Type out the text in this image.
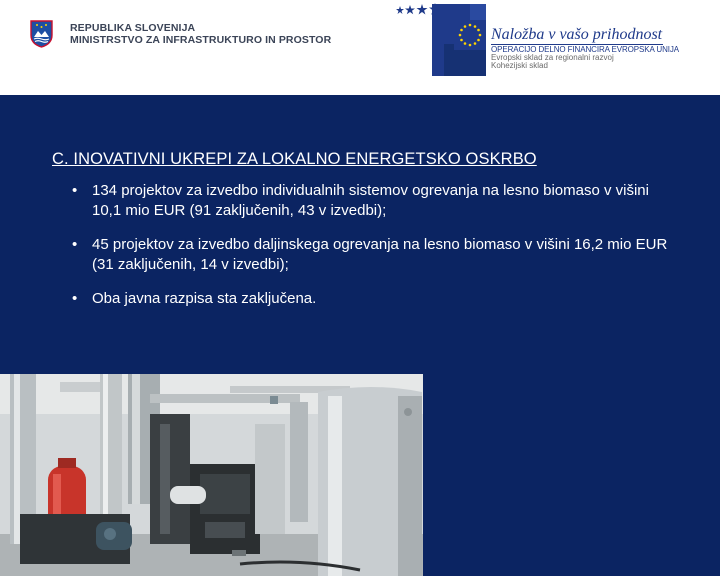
REPUBLIKA SLOVENIJA
MINISTRSTVO ZA INFRASTRUKTURO IN PROSTOR	Naložba v vašo prihodnost
OPERACIJO DELNO FINANCIRA EVROPSKA UNIJA
Evropski sklad za regionalni razvoj
Kohezijski sklad
C. INOVATIVNI UKREPI ZA LOKALNO ENERGETSKO OSKRBO
• 134 projektov za izvedbo individualnih sistemov ogrevanja na lesno biomaso v višini 10,1 mio EUR (91 zaključenih, 43 v izvedbi);
• 45 projektov za izvedbo daljinskega ogrevanja na lesno biomaso v višini 16,2 mio EUR (31 zaključenih, 14 v izvedbi);
• Oba javna razpisa sta zaključena.
